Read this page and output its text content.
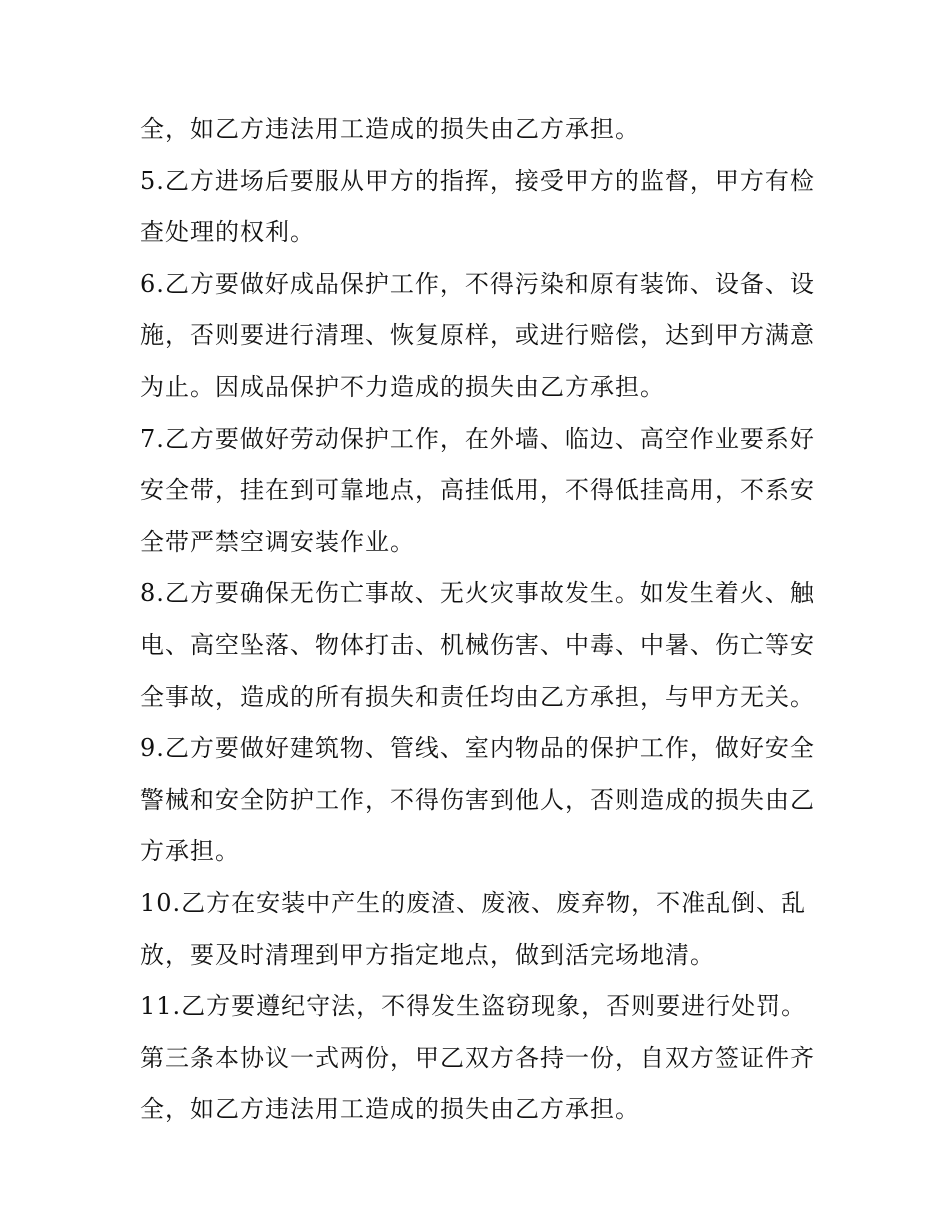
全，如乙方违法用工造成的损失由乙方承担。
5.乙方进场后要服从甲方的指挥，接受甲方的监督，甲方有检
查处理的权利。
6.乙方要做好成品保护工作，不得污染和原有装饰、设备、设
施，否则要进行清理、恢复原样，或进行赔偿，达到甲方满意
为止。因成品保护不力造成的损失由乙方承担。
7.乙方要做好劳动保护工作，在外墙、临边、高空作业要系好
安全带，挂在到可靠地点，高挂低用，不得低挂高用，不系安
全带严禁空调安装作业。
8.乙方要确保无伤亡事故、无火灾事故发生。如发生着火、触
电、高空坠落、物体打击、机械伤害、中毒、中暑、伤亡等安
全事故，造成的所有损失和责任均由乙方承担，与甲方无关。
9.乙方要做好建筑物、管线、室内物品的保护工作，做好安全
警械和安全防护工作，不得伤害到他人，否则造成的损失由乙
方承担。
10.乙方在安装中产生的废渣、废液、废弃物，不准乱倒、乱
放，要及时清理到甲方指定地点，做到活完场地清。
11.乙方要遵纪守法，不得发生盗窃现象，否则要进行处罚。
第三条本协议一式两份，甲乙双方各持一份，自双方签证件齐
全，如乙方违法用工造成的损失由乙方承担。
